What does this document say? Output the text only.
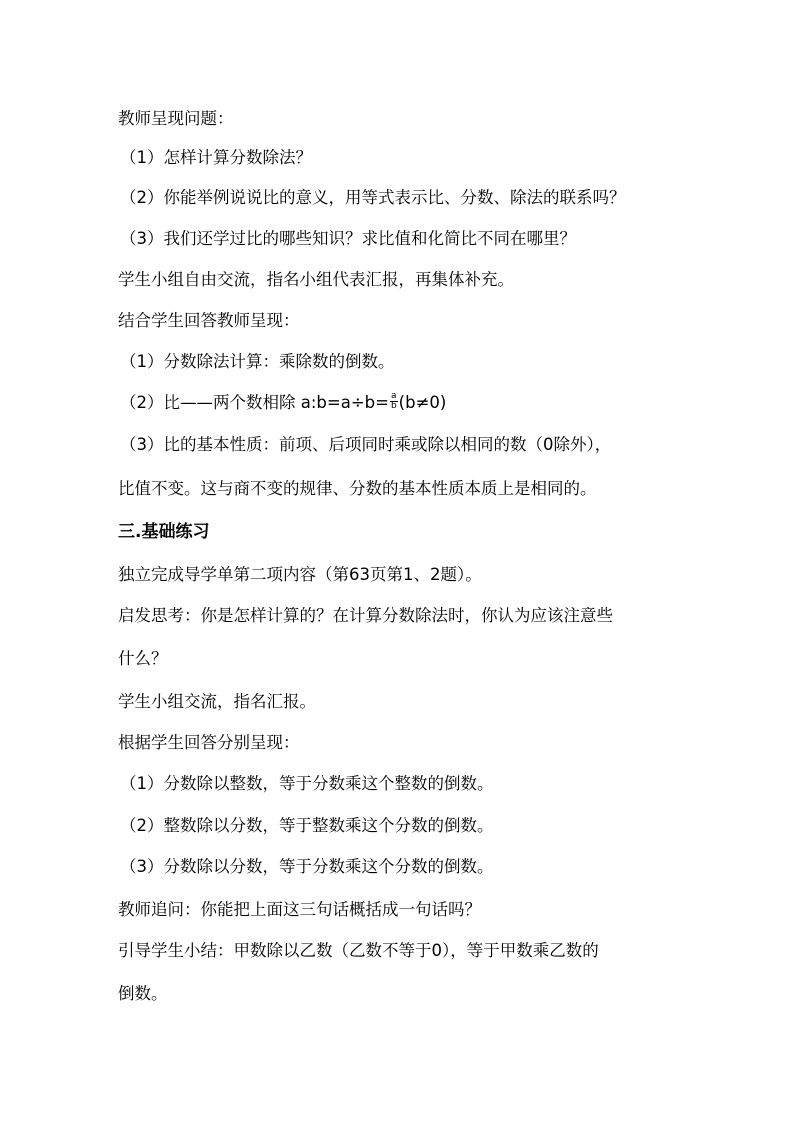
教师呈现问题：
（1）怎样计算分数除法？
（2）你能举例说说比的意义，用等式表示比、分数、除法的联系吗？
（3）我们还学过比的哪些知识？求比值和化简比不同在哪里？
学生小组自由交流，指名小组代表汇报，再集体补充。
结合学生回答教师呈现：
（1）分数除法计算：乘除数的倒数。
（2）比——两个数相除 a:b=a÷b= $\frac{a}{b} (b\ne 0)$
（3）比的基本性质：前项、后项同时乘或除以相同的数（0除外），
比值不变。这与商不变的规律、分数的基本性质本质上是相同的。
三.基础练习
独立完成导学单第二项内容（第63页第1、2题）。
启发思考：你是怎样计算的？在计算分数除法时，你认为应该注意些
什么？
学生小组交流，指名汇报。
根据学生回答分别呈现：
（1）分数除以整数，等于分数乘这个整数的倒数。
（2）整数除以分数，等于整数乘这个分数的倒数。
（3）分数除以分数，等于分数乘这个分数的倒数。
教师追问：你能把上面这三句话概括成一句话吗？
引导学生小结：甲数除以乙数（乙数不等于0），等于甲数乘乙数的
倒数。
